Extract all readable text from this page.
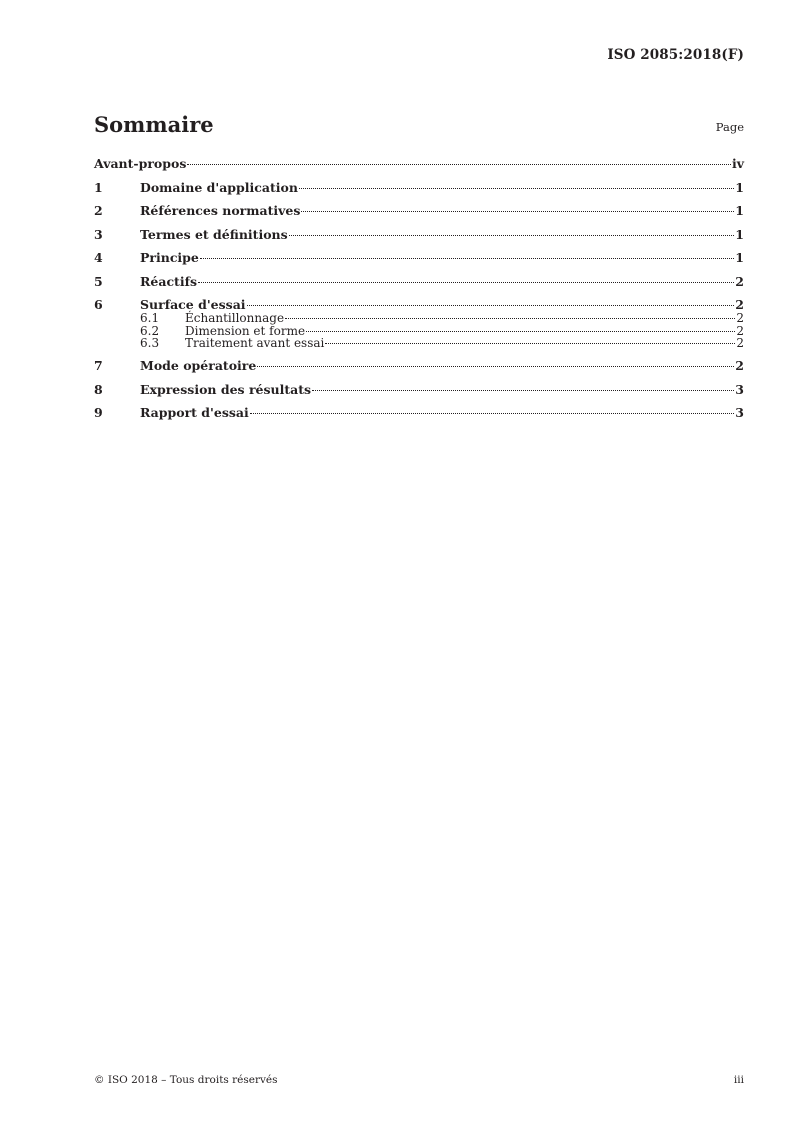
ISO 2085:2018(F)
Sommaire	Page
Avant-propos	iv
1	Domaine d'application	1
2	Références normatives	1
3	Termes et définitions	1
4	Principe	1
5	Réactifs	2
6	Surface d'essai	2
6.1	Échantillonnage	2
6.2	Dimension et forme	2
6.3	Traitement avant essai	2
7	Mode opératoire	2
8	Expression des résultats	3
9	Rapport d'essai	3
© ISO 2018 – Tous droits réservés	iii
